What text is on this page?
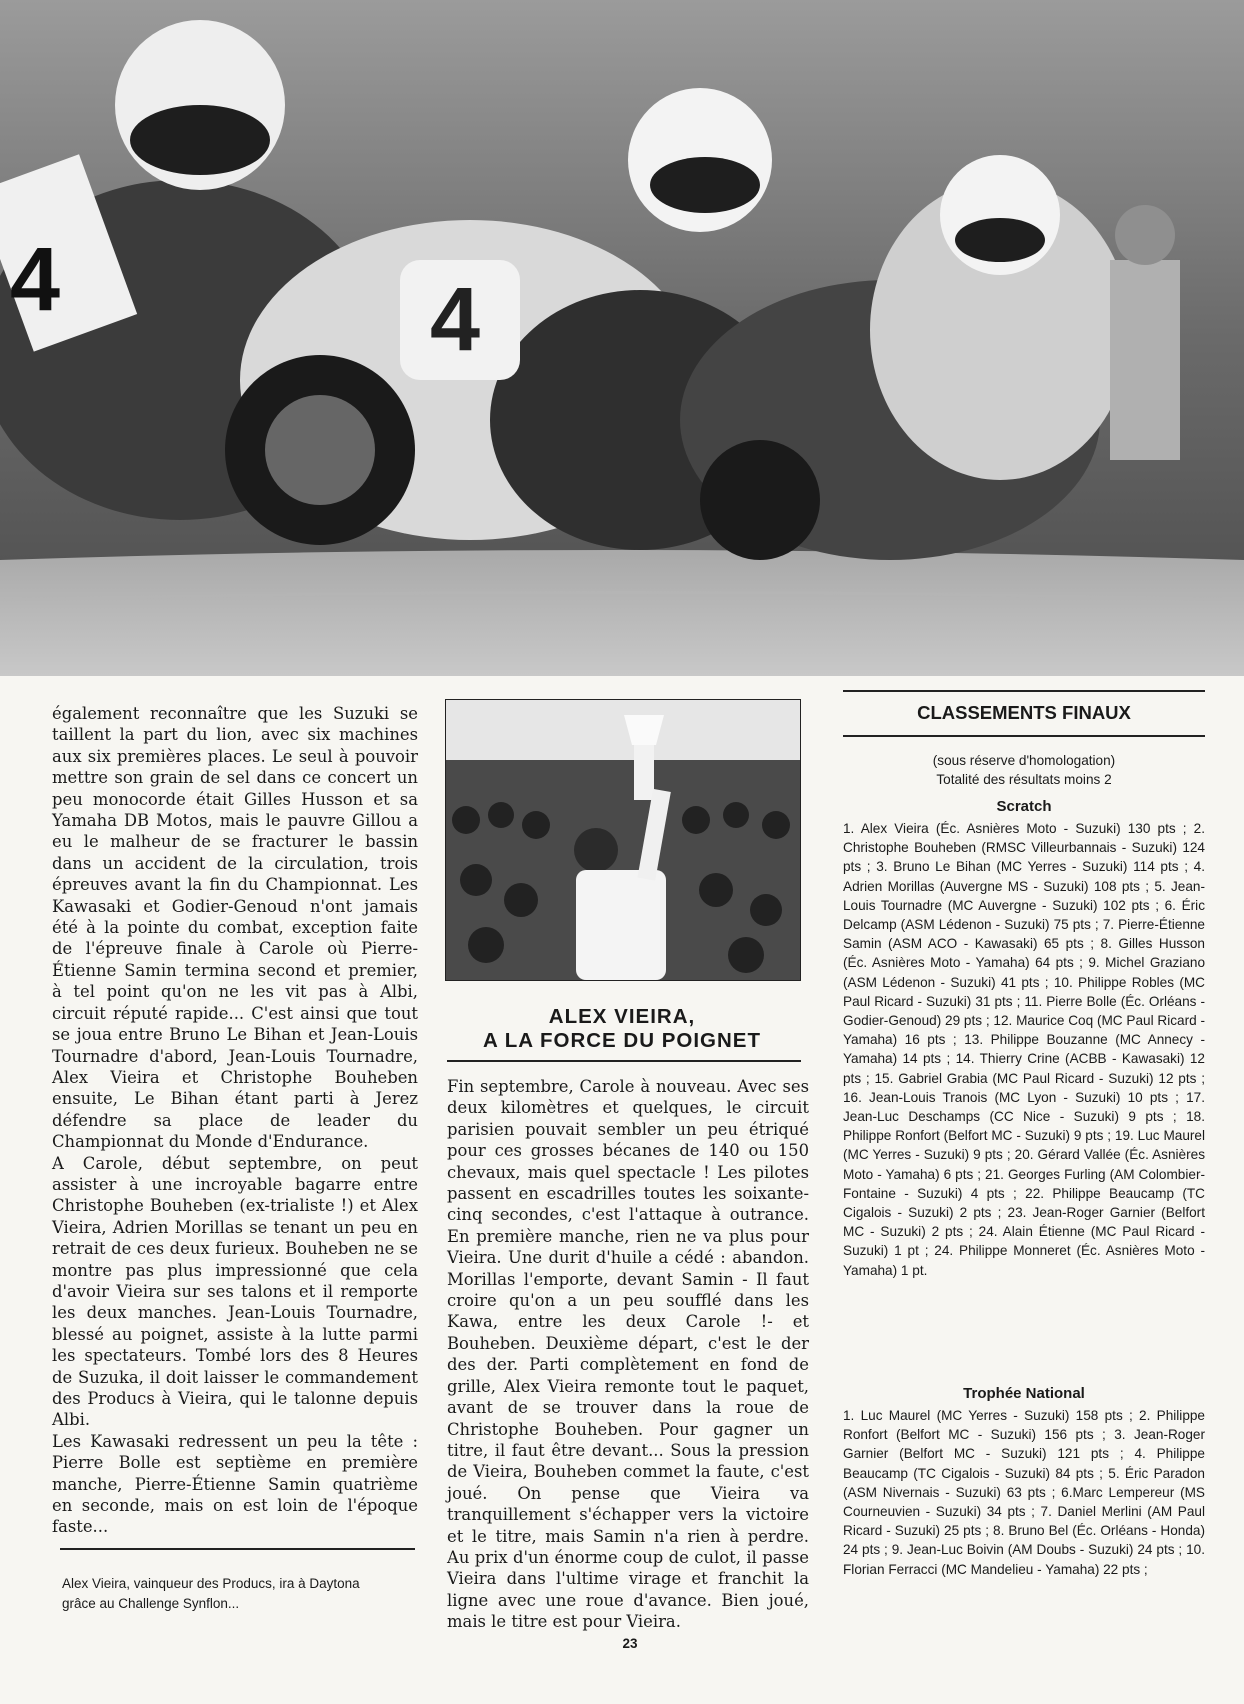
4
4

également reconnaître que les Suzuki se taillent la part du lion, avec six machines aux six premières places. Le seul à pouvoir mettre son grain de sel dans ce concert un peu monocorde était Gilles Husson et sa Yamaha DB Motos, mais le pauvre Gillou a eu le malheur de se fracturer le bassin dans un accident de la circulation, trois épreuves avant la fin du Championnat. Les Kawasaki et Godier-Genoud n'ont jamais été à la pointe du combat, exception faite de l'épreuve finale à Carole où Pierre-Étienne Samin termina second et premier, à tel point qu'on ne les vit pas à Albi, circuit réputé rapide... C'est ainsi que tout se joua entre Bruno Le Bihan et Jean-Louis Tournadre d'abord, Jean-Louis Tournadre, Alex Vieira et Christophe Bouheben ensuite, Le Bihan étant parti à Jerez défendre sa place de leader du Championnat du Monde d'Endurance.

A Carole, début septembre, on peut assister à une incroyable bagarre entre Christophe Bouheben (ex-trialiste !) et Alex Vieira, Adrien Morillas se tenant un peu en retrait de ces deux furieux. Bouheben ne se montre pas plus impressionné que cela d'avoir Vieira sur ses talons et il remporte les deux manches. Jean-Louis Tournadre, blessé au poignet, assiste à la lutte parmi les spectateurs. Tombé lors des 8 Heures de Suzuka, il doit laisser le commandement des Producs à Vieira, qui le talonne depuis Albi.

Les Kawasaki redressent un peu la tête : Pierre Bolle est septième en première manche, Pierre-Étienne Samin quatrième en seconde, mais on est loin de l'époque faste...

Alex Vieira, vainqueur des Producs, ira à Daytona grâce au Challenge Synflon...
ALEX VIEIRA,
A LA FORCE DU POIGNET

Fin septembre, Carole à nouveau. Avec ses deux kilomètres et quelques, le circuit parisien pouvait sembler un peu étriqué pour ces grosses bécanes de 140 ou 150 chevaux, mais quel spectacle ! Les pilotes passent en escadrilles toutes les soixante-cinq secondes, c'est l'attaque à outrance. En première manche, rien ne va plus pour Vieira. Une durit d'huile a cédé : abandon. Morillas l'emporte, devant Samin - Il faut croire qu'on a un peu soufflé dans les Kawa, entre les deux Carole !- et Bouheben. Deuxième départ, c'est le der des der. Parti complètement en fond de grille, Alex Vieira remonte tout le paquet, avant de se trouver dans la roue de Christophe Bouheben. Pour gagner un titre, il faut être devant... Sous la pression de Vieira, Bouheben commet la faute, c'est joué. On pense que Vieira va tranquillement s'échapper vers la victoire et le titre, mais Samin n'a rien à perdre. Au prix d'un énorme coup de culot, il passe Vieira dans l'ultime virage et franchit la ligne avec une roue d'avance. Bien joué, mais le titre est pour Vieira.

CLASSEMENTS FINAUX
(sous réserve d'homologation)
Totalité des résultats moins 2
Scratch
1. Alex Vieira (Éc. Asnières Moto - Suzuki) 130 pts ; 2. Christophe Bouheben (RMSC Villeurbannais - Suzuki) 124 pts ; 3. Bruno Le Bihan (MC Yerres - Suzuki) 114 pts ; 4. Adrien Morillas (Auvergne MS - Suzuki) 108 pts ; 5. Jean-Louis Tournadre (MC Auvergne - Suzuki) 102 pts ; 6. Éric Delcamp (ASM Lédenon - Suzuki) 75 pts ; 7. Pierre-Étienne Samin (ASM ACO - Kawasaki) 65 pts ; 8. Gilles Husson (Éc. Asnières Moto - Yamaha) 64 pts ; 9. Michel Graziano (ASM Lédenon - Suzuki) 41 pts ; 10. Philippe Robles (MC Paul Ricard - Suzuki) 31 pts ; 11. Pierre Bolle (Éc. Orléans - Godier-Genoud) 29 pts ; 12. Maurice Coq (MC Paul Ricard - Yamaha) 16 pts ; 13. Philippe Bouzanne (MC Annecy - Yamaha) 14 pts ; 14. Thierry Crine (ACBB - Kawasaki) 12 pts ; 15. Gabriel Grabia (MC Paul Ricard - Suzuki) 12 pts ; 16. Jean-Louis Tranois (MC Lyon - Suzuki) 10 pts ; 17. Jean-Luc Deschamps (CC Nice - Suzuki) 9 pts ; 18. Philippe Ronfort (Belfort MC - Suzuki) 9 pts ; 19. Luc Maurel (MC Yerres - Suzuki) 9 pts ; 20. Gérard Vallée (Éc. Asnières Moto - Yamaha) 6 pts ; 21. Georges Furling (AM Colombier-Fontaine - Suzuki) 4 pts ; 22. Philippe Beaucamp (TC Cigalois - Suzuki) 2 pts ; 23. Jean-Roger Garnier (Belfort MC - Suzuki) 2 pts ; 24. Alain Étienne (MC Paul Ricard - Suzuki) 1 pt ; 24. Philippe Monneret (Éc. Asnières Moto - Yamaha) 1 pt.
Trophée National
1. Luc Maurel (MC Yerres - Suzuki) 158 pts ; 2. Philippe Ronfort (Belfort MC - Suzuki) 156 pts ; 3. Jean-Roger Garnier (Belfort MC - Suzuki) 121 pts ; 4. Philippe Beaucamp (TC Cigalois - Suzuki) 84 pts ; 5. Éric Paradon (ASM Nivernais - Suzuki) 63 pts ; 6.Marc Lempereur (MS Courneuvien - Suzuki) 34 pts ; 7. Daniel Merlini (AM Paul Ricard - Suzuki) 25 pts ; 8. Bruno Bel (Éc. Orléans - Honda) 24 pts ; 9. Jean-Luc Boivin (AM Doubs - Suzuki) 24 pts ; 10. Florian Ferracci (MC Mandelieu - Yamaha) 22 pts ;
23
